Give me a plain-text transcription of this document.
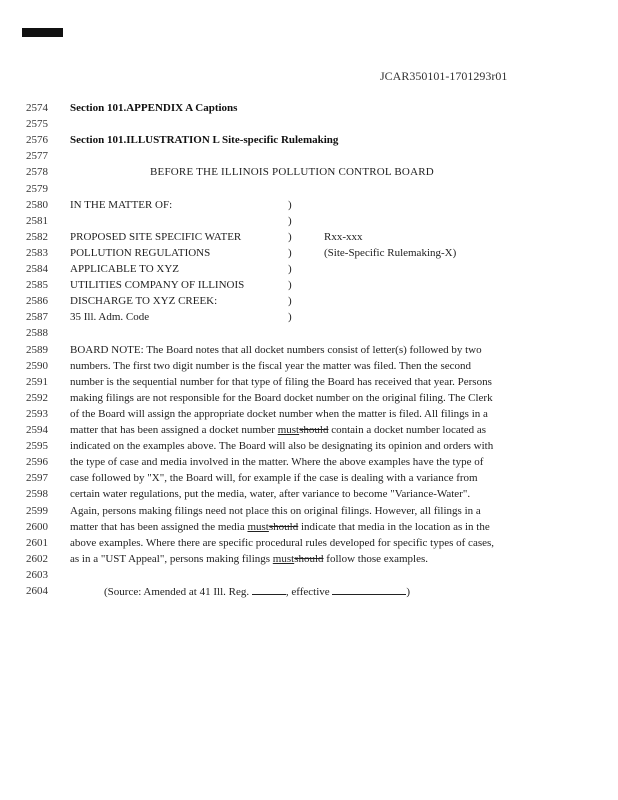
JCAR350101-1701293r01
2574	Section 101.APPENDIX A Captions
2575
2576	Section 101.ILLUSTRATION L Site-specific Rulemaking
2577
2578	BEFORE THE ILLINOIS POLLUTION CONTROL BOARD
2579
2580	IN THE MATTER OF:	)
2581	)
2582	PROPOSED SITE SPECIFIC WATER	)	Rxx-xxx
2583	POLLUTION REGULATIONS	)	(Site-Specific Rulemaking-X)
2584	APPLICABLE TO XYZ	)
2585	UTILITIES COMPANY OF ILLINOIS	)
2586	DISCHARGE TO XYZ CREEK:	)
2587	35 Ill. Adm. Code	)
2588
2589	BOARD NOTE: The Board notes that all docket numbers consist of letter(s) followed by two
2590	numbers. The first two digit number is the fiscal year the matter was filed. Then the second
2591	number is the sequential number for that type of filing the Board has received that year. Persons
2592	making filings are not responsible for the Board docket number on the original filing. The Clerk
2593	of the Board will assign the appropriate docket number when the matter is filed. All filings in a
2594	matter that has been assigned a docket number mustshould contain a docket number located as
2595	indicated on the examples above. The Board will also be designating its opinion and orders with
2596	the type of case and media involved in the matter. Where the above examples have the type of
2597	case followed by "X", the Board will, for example if the case is dealing with a variance from
2598	certain water regulations, put the media, water, after variance to become "Variance-Water".
2599	Again, persons making filings need not place this on original filings. However, all filings in a
2600	matter that has been assigned the media mustshould indicate that media in the location as in the
2601	above examples. Where there are specific procedural rules developed for specific types of cases,
2602	as in a "UST Appeal", persons making filings mustshould follow those examples.
2603
2604	(Source: Amended at 41 Ill. Reg.	, effective	)
